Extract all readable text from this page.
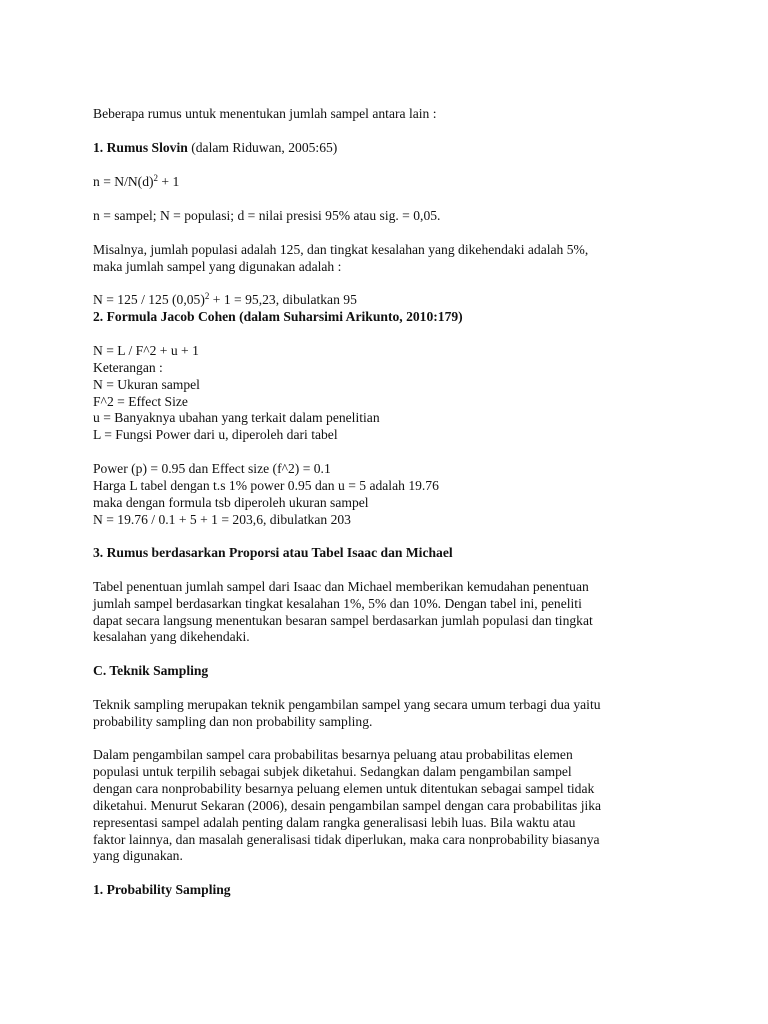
Beberapa rumus untuk menentukan jumlah sampel antara lain :
1. Rumus Slovin (dalam Riduwan, 2005:65)
$n = N/N(d)^2 + 1$
n = sampel; N = populasi; d = nilai presisi 95% atau sig. = 0,05.
Misalnya, jumlah populasi adalah 125, dan tingkat kesalahan yang dikehendaki adalah 5%,
maka jumlah sampel yang digunakan adalah :
N = 125 / 125 $(0,05)^2 + 1 = 95,23$, dibulatkan 95
2. Formula Jacob Cohen (dalam Suharsimi Arikunto, 2010:179)
N = L / F^2 + u + 1
Keterangan :
N = Ukuran sampel
F^2 = Effect Size
u = Banyaknya ubahan yang terkait dalam penelitian
L = Fungsi Power dari u, diperoleh dari tabel
Power (p) = 0.95 dan Effect size (f^2) = 0.1
Harga L tabel dengan t.s 1% power 0.95 dan u = 5 adalah 19.76
maka dengan formula tsb diperoleh ukuran sampel
N = 19.76 / 0.1 + 5 + 1 = 203,6, dibulatkan 203
3. Rumus berdasarkan Proporsi atau Tabel Isaac dan Michael
Tabel penentuan jumlah sampel dari Isaac dan Michael memberikan kemudahan penentuan
jumlah sampel berdasarkan tingkat kesalahan 1%, 5% dan 10%. Dengan tabel ini, peneliti
dapat secara langsung menentukan besaran sampel berdasarkan jumlah populasi dan tingkat
kesalahan yang dikehendaki.
C. Teknik Sampling
Teknik sampling merupakan teknik pengambilan sampel yang secara umum terbagi dua yaitu
probability sampling dan non probability sampling.
Dalam pengambilan sampel cara probabilitas besarnya peluang atau probabilitas elemen
populasi untuk terpilih sebagai subjek diketahui. Sedangkan dalam pengambilan sampel
dengan cara nonprobability besarnya peluang elemen untuk ditentukan sebagai sampel tidak
diketahui. Menurut Sekaran (2006), desain pengambilan sampel dengan cara probabilitas jika
representasi sampel adalah penting dalam rangka generalisasi lebih luas. Bila waktu atau
faktor lainnya, dan masalah generalisasi tidak diperlukan, maka cara nonprobability biasanya
yang digunakan.
1. Probability Sampling
